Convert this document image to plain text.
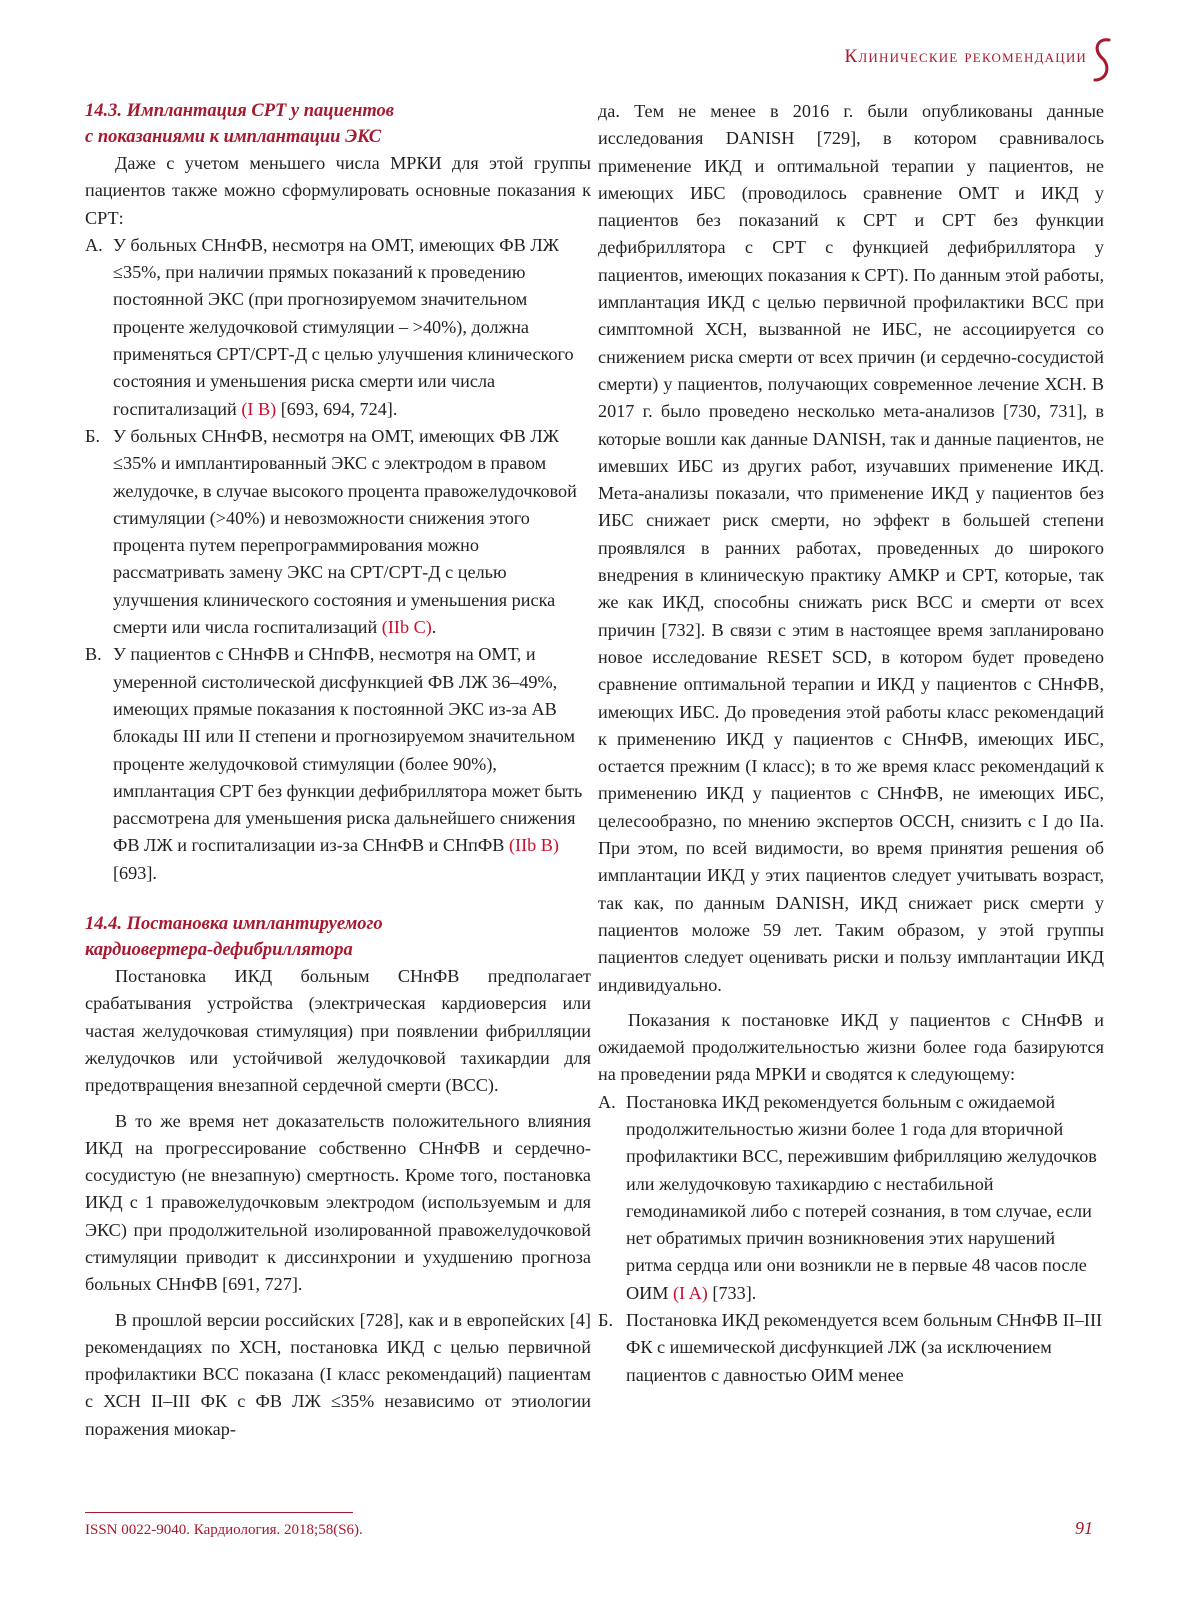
Клинические рекомендации
14.3. Имплантация СРТ у пациентов
с показаниями к имплантации ЭКС

Даже с учетом меньшего числа МРКИ для этой группы пациентов также можно сформулировать основные показания к СРТ:

А. У больных СНнФВ, несмотря на ОМТ, имеющих ФВ ЛЖ ≤35%, при наличии прямых показаний к проведению постоянной ЭКС (при прогнозируемом значительном проценте желудочковой стимуляции – >40%), должна применяться СРТ/СРТ-Д с целью улучшения клинического состояния и уменьшения риска смерти или числа госпитализаций (I B) [693, 694, 724].
Б. У больных СНнФВ, несмотря на ОМТ, имеющих ФВ ЛЖ ≤35% и имплантированный ЭКС с электродом в правом желудочке, в случае высокого процента правожелудочковой стимуляции (>40%) и невозможности снижения этого процента путем перепрограммирования можно рассматривать замену ЭКС на СРТ/СРТ-Д с целью улучшения клинического состояния и уменьшения риска смерти или числа госпитализаций (IIb C).
В. У пациентов с СНнФВ и СНпФВ, несмотря на ОМТ, и умеренной систолической дисфункцией ФВ ЛЖ 36–49%, имеющих прямые показания к постоянной ЭКС из-за АВ блокады III или II степени и прогнозируемом значительном проценте желудочковой стимуляции (более 90%), имплантация СРТ без функции дефибриллятора может быть рассмотрена для уменьшения риска дальнейшего снижения ФВ ЛЖ и госпитализации из-за СНнФВ и СНпФВ (IIb B) [693].
14.4. Постановка имплантируемого
кардиовертера-дефибриллятора

Постановка ИКД больным СНнФВ предполагает срабатывания устройства (электрическая кардиоверсия или частая желудочковая стимуляция) при появлении фибрилляции желудочков или устойчивой желудочковой тахикардии для предотвращения внезапной сердечной смерти (ВСС).

В то же время нет доказательств положительного влияния ИКД на прогрессирование собственно СНнФВ и сердечно-сосудистую (не внезапную) смертность. Кроме того, постановка ИКД с 1 правожелудочковым электродом (используемым и для ЭКС) при продолжительной изолированной правожелудочковой стимуляции приводит к диссинхронии и ухудшению прогноза больных СНнФВ [691, 727].

В прошлой версии российских [728], как и в европейских [4] рекомендациях по ХСН, постановка ИКД с целью первичной профилактики ВСС показана (I класс рекомендаций) пациентам с ХСН II–III ФК с ФВ ЛЖ ≤35% независимо от этиологии поражения миокар-

да. Тем не менее в 2016 г. были опубликованы данные исследования DANISH [729], в котором сравнивалось применение ИКД и оптимальной терапии у пациентов, не имеющих ИБС (проводилось сравнение ОМТ и ИКД у пациентов без показаний к СРТ и СРТ без функции дефибриллятора с СРТ с функцией дефибриллятора у пациентов, имеющих показания к СРТ). По данным этой работы, имплантация ИКД с целью первичной профилактики ВСС при симптомной ХСН, вызванной не ИБС, не ассоциируется со снижением риска смерти от всех причин (и сердечно-сосудистой смерти) у пациентов, получающих современное лечение ХСН. В 2017 г. было проведено несколько мета-анализов [730, 731], в которые вошли как данные DANISH, так и данные пациентов, не имевших ИБС из других работ, изучавших применение ИКД. Мета-анализы показали, что применение ИКД у пациентов без ИБС снижает риск смерти, но эффект в большей степени проявлялся в ранних работах, проведенных до широкого внедрения в клиническую практику АМКР и СРТ, которые, так же как ИКД, способны снижать риск ВСС и смерти от всех причин [732]. В связи с этим в настоящее время запланировано новое исследование RESET SCD, в котором будет проведено сравнение оптимальной терапии и ИКД у пациентов с СНнФВ, имеющих ИБС. До проведения этой работы класс рекомендаций к применению ИКД у пациентов с СНнФВ, имеющих ИБС, остается прежним (I класс); в то же время класс рекомендаций к применению ИКД у пациентов с СНнФВ, не имеющих ИБС, целесообразно, по мнению экспертов ОССН, снизить с I до IIa. При этом, по всей видимости, во время принятия решения об имплантации ИКД у этих пациентов следует учитывать возраст, так как, по данным DANISH, ИКД снижает риск смерти у пациентов моложе 59 лет. Таким образом, у этой группы пациентов следует оценивать риски и пользу имплантации ИКД индивидуально.

Показания к постановке ИКД у пациентов с СНнФВ и ожидаемой продолжительностью жизни более года базируются на проведении ряда МРКИ и сводятся к следующему:

А. Постановка ИКД рекомендуется больным с ожидаемой продолжительностью жизни более 1 года для вторичной профилактики ВСС, пережившим фибрилляцию желудочков или желудочковую тахикардию с нестабильной гемодинамикой либо с потерей сознания, в том случае, если нет обратимых причин возникновения этих нарушений ритма сердца или они возникли не в первые 48 часов после ОИМ (I A) [733].
Б. Постановка ИКД рекомендуется всем больным СНнФВ II–III ФК с ишемической дисфункцией ЛЖ (за исключением пациентов с давностью ОИМ менее
ISSN 0022-9040. Кардиология. 2018;58(S6).	91
